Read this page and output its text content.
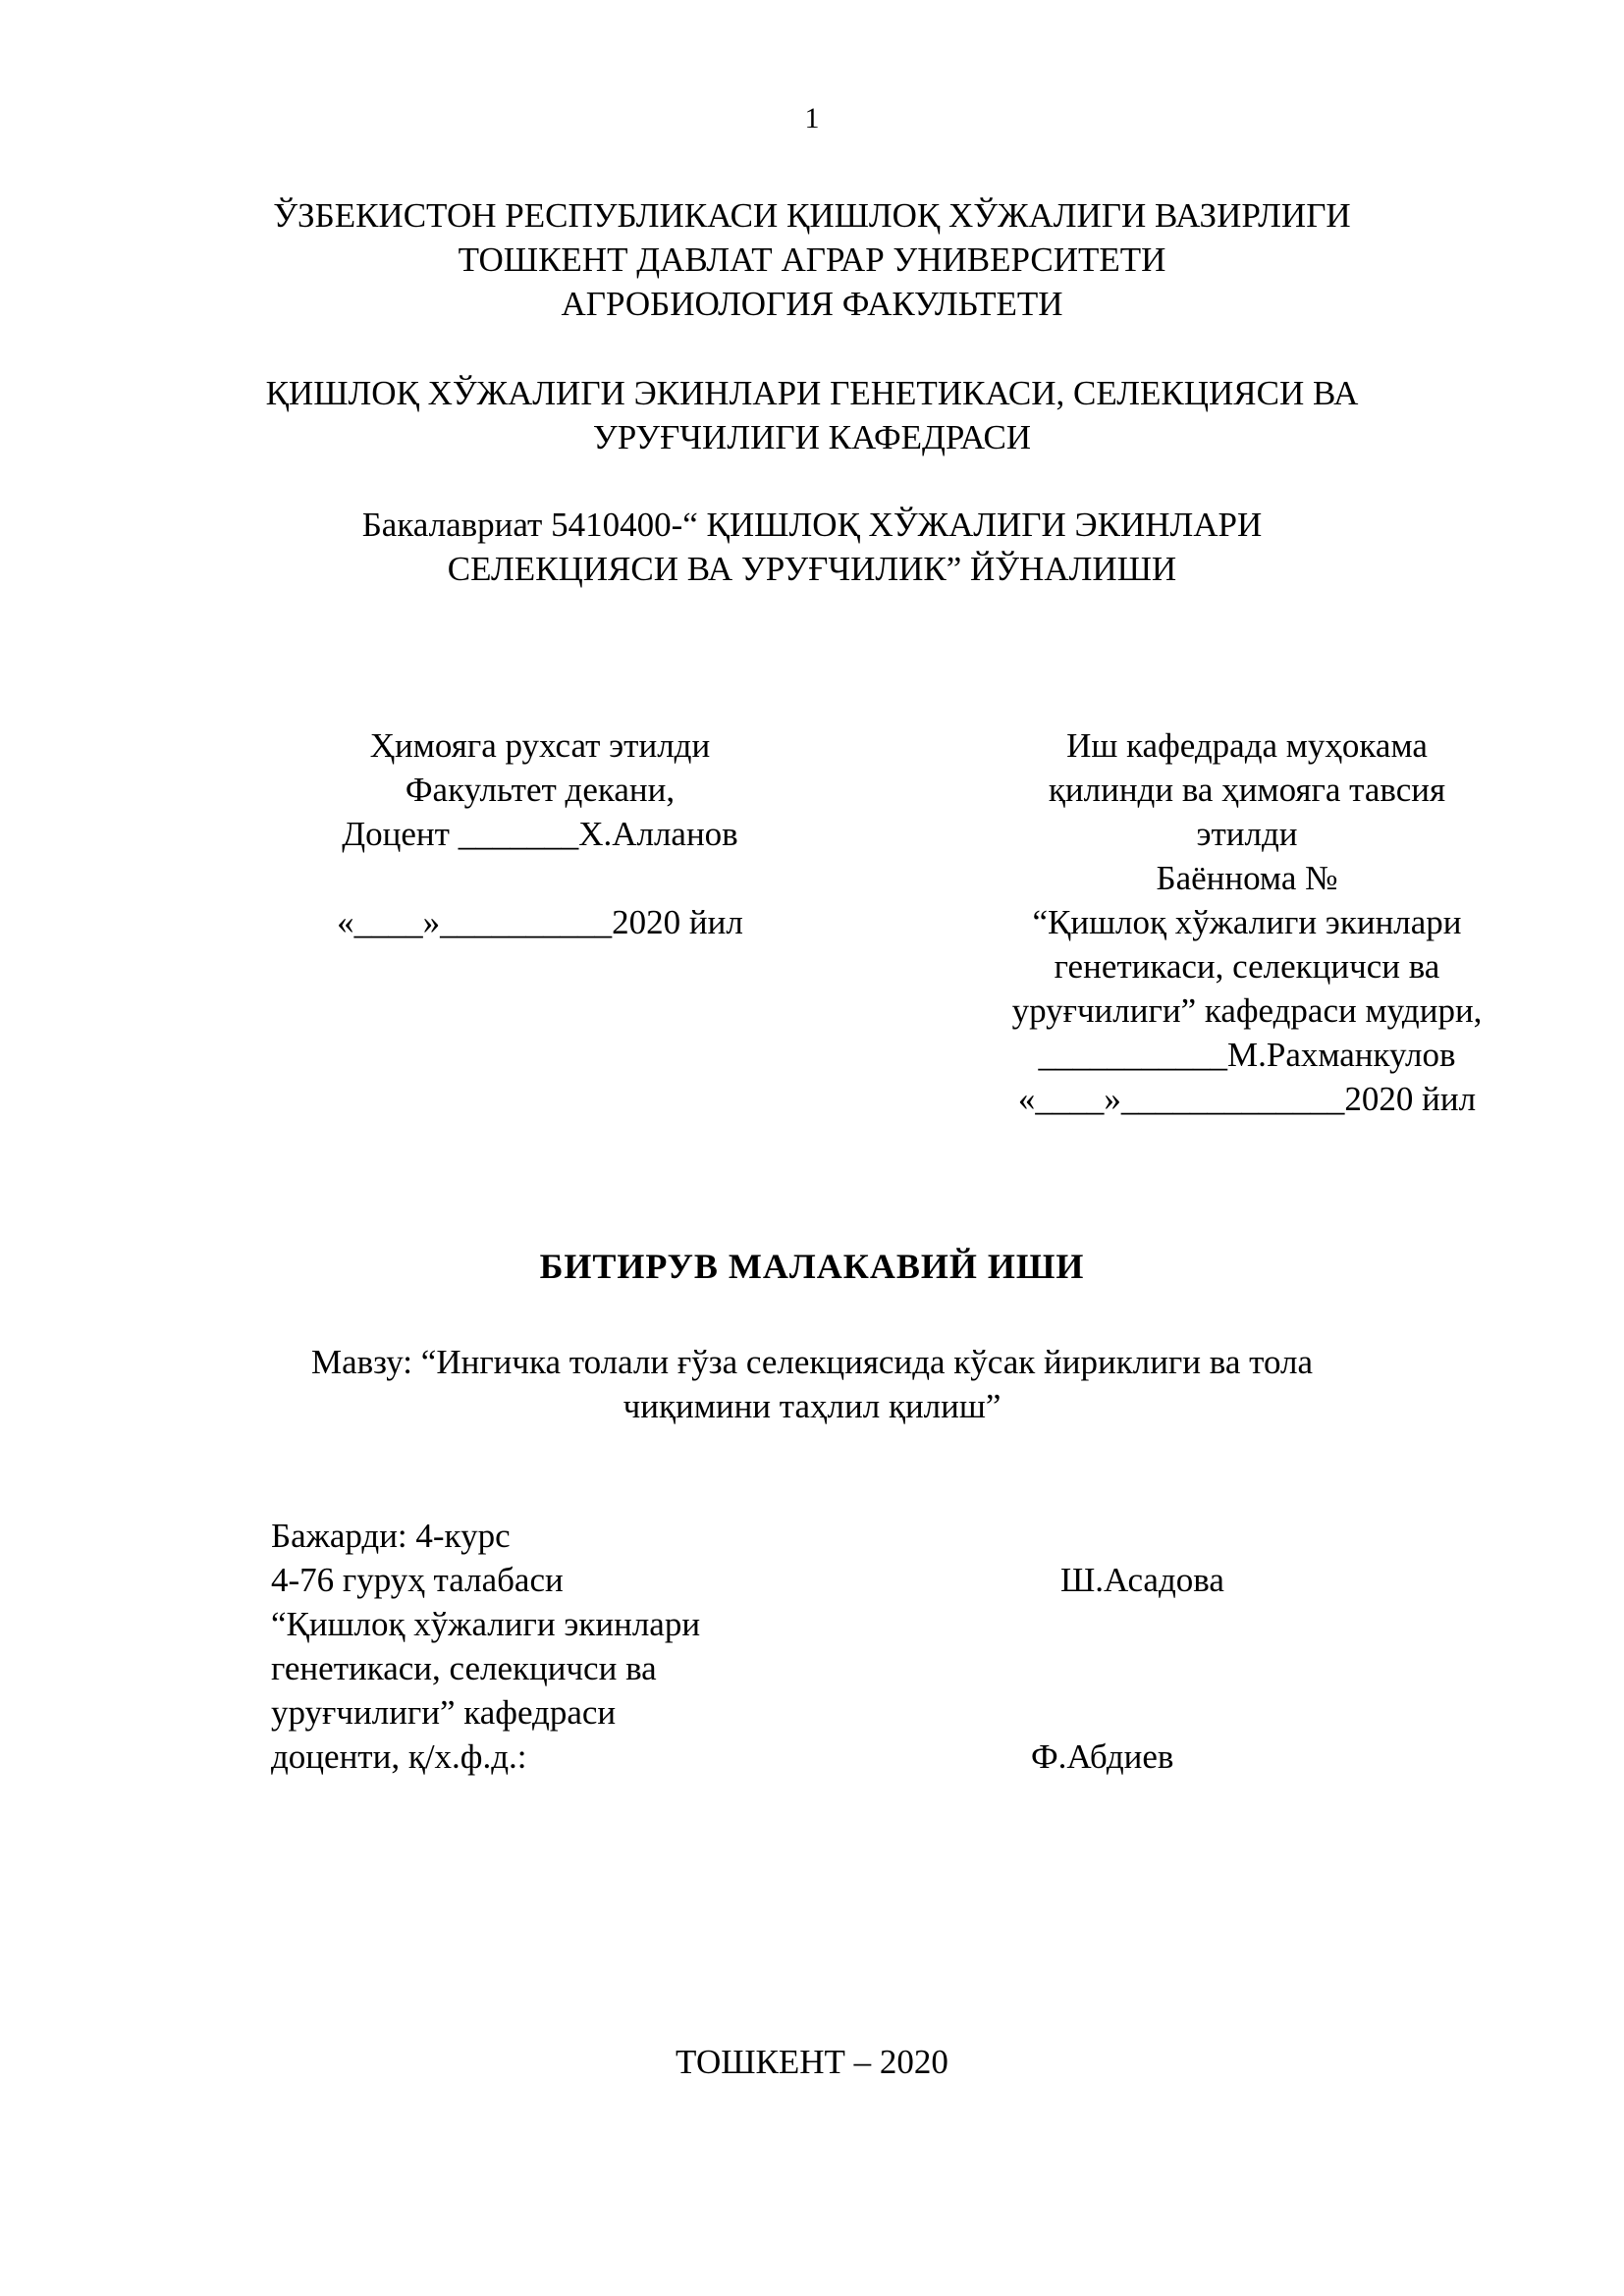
1
ЎЗБЕКИСТОН РЕСПУБЛИКАСИ ҚИШЛОҚ ХЎЖАЛИГИ ВАЗИРЛИГИ
ТОШКЕНТ ДАВЛАТ АГРАР УНИВЕРСИТЕТИ
АГРОБИОЛОГИЯ ФАКУЛЬТЕТИ
ҚИШЛОҚ ХЎЖАЛИГИ ЭКИНЛАРИ ГЕНЕТИКАСИ, СЕЛЕКЦИЯСИ ВА
УРУҒЧИЛИГИ КАФЕДРАСИ
Бакалавриат 5410400-“ ҚИШЛОҚ ХЎЖАЛИГИ ЭКИНЛАРИ
СЕЛЕКЦИЯСИ ВА УРУҒЧИЛИК” ЙЎНАЛИШИ
Ҳимояга рухсат этилди
Факультет декани,
Доцент _______Х.Алланов
«____»__________2020 йил
Иш кафедрада муҳокама
қилинди ва ҳимояга тавсия
этилди
Баённома №
“Қишлоқ хўжалиги экинлари
генетикаси, селекцичси ва
уруғчилиги” кафедраси мудири,
___________М.Рахманкулов
«____»_____________2020 йил
БИТИРУВ МАЛАКАВИЙ ИШИ
Мавзу: “Ингичка толали ғўза селекциясида кўсак йириклиги ва тола
чиқимини таҳлил қилиш”
Бажарди: 4-курс
4-76 гуруҳ талабаси
“Қишлоқ хўжалиги экинлари
генетикаси, селекцичси ва
уруғчилиги” кафедраси
доценти, қ/х.ф.д.:
Ш.Асадова
Ф.Абдиев
ТОШКЕНТ – 2020
